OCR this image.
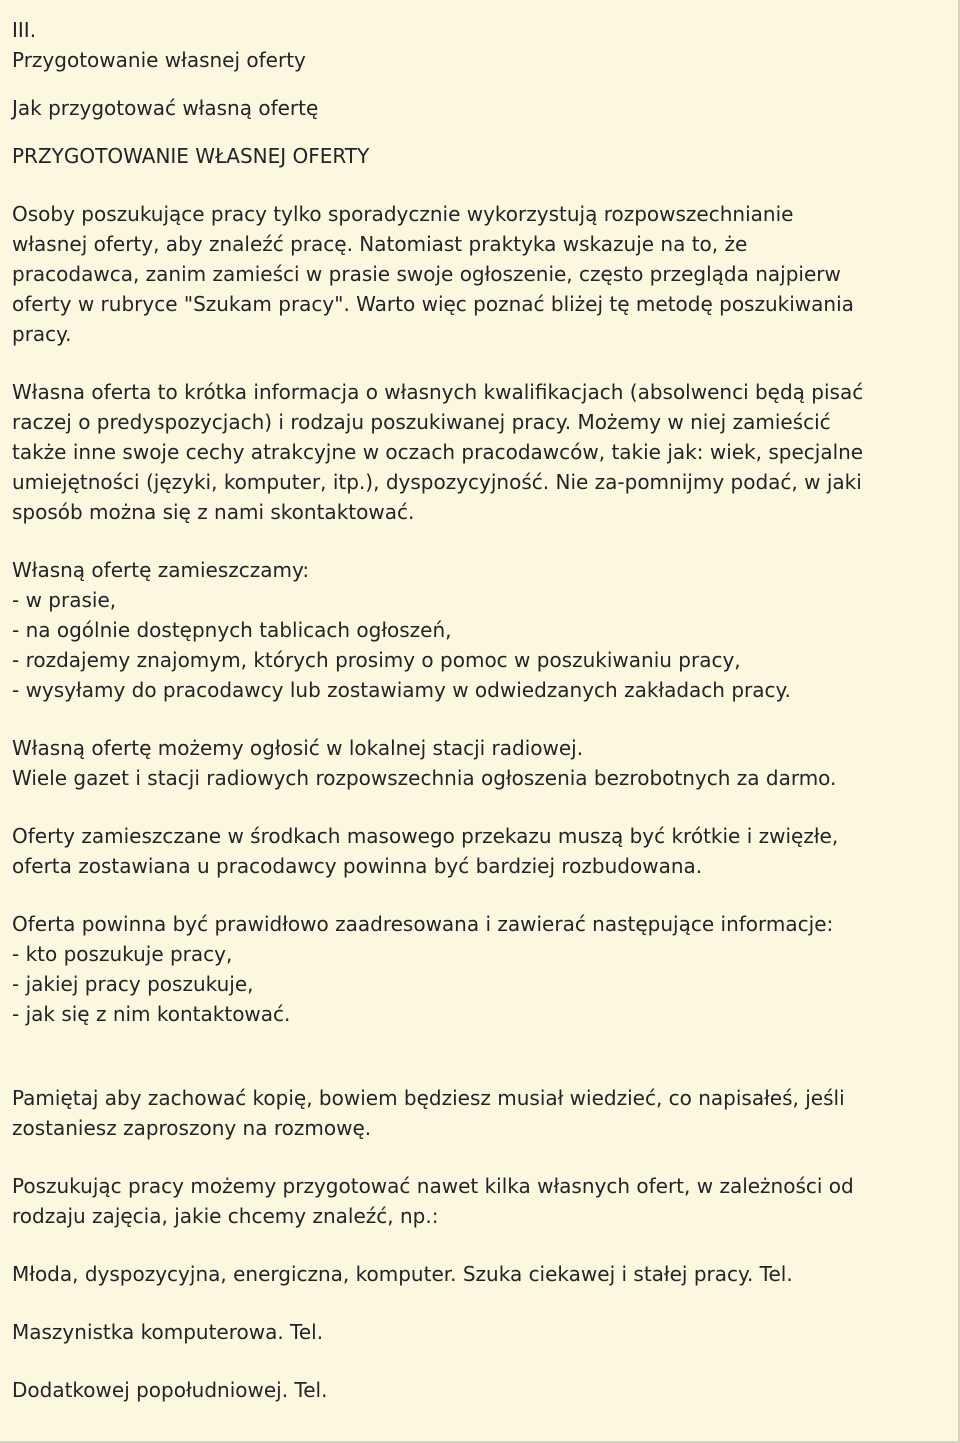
III.
Przygotowanie własnej oferty
Jak przygotować własną ofertę
PRZYGOTOWANIE WŁASNEJ OFERTY
Osoby poszukujące pracy tylko sporadycznie wykorzystują rozpowszechnianie
własnej oferty, aby znaleźć pracę. Natomiast praktyka wskazuje na to, że
pracodawca, zanim zamieści w prasie swoje ogłoszenie, często przegląda najpierw
oferty w rubryce "Szukam pracy". Warto więc poznać bliżej tę metodę poszukiwania
pracy.
Własna oferta to krótka informacja o własnych kwalifikacjach (absolwenci będą pisać
raczej o predyspozycjach) i rodzaju poszukiwanej pracy. Możemy w niej zamieścić
także inne swoje cechy atrakcyjne w oczach pracodawców, takie jak: wiek, specjalne
umiejętności (języki, komputer, itp.), dyspozycyjność. Nie za-pomnijmy podać, w jaki
sposób można się z nami skontaktować.
Własną ofertę zamieszczamy:
- w prasie,
- na ogólnie dostępnych tablicach ogłoszeń,
- rozdajemy znajomym, których prosimy o pomoc w poszukiwaniu pracy,
- wysyłamy do pracodawcy lub zostawiamy w odwiedzanych zakładach pracy.
Własną ofertę możemy ogłosić w lokalnej stacji radiowej.
Wiele gazet i stacji radiowych rozpowszechnia ogłoszenia bezrobotnych za darmo.
Oferty zamieszczane w środkach masowego przekazu muszą być krótkie i zwięzłe,
oferta zostawiana u pracodawcy powinna być bardziej rozbudowana.
Oferta powinna być prawidłowo zaadresowana i zawierać następujące informacje:
- kto poszukuje pracy,
- jakiej pracy poszukuje,
- jak się z nim kontaktować.
Pamiętaj aby zachować kopię, bowiem będziesz musiał wiedzieć, co napisałeś, jeśli
zostaniesz zaproszony na rozmowę.
Poszukując pracy możemy przygotować nawet kilka własnych ofert, w zależności od
rodzaju zajęcia, jakie chcemy znaleźć, np.:
Młoda, dyspozycyjna, energiczna, komputer. Szuka ciekawej i stałej pracy. Tel.
Maszynistka komputerowa. Tel.
Dodatkowej popołudniowej. Tel.
